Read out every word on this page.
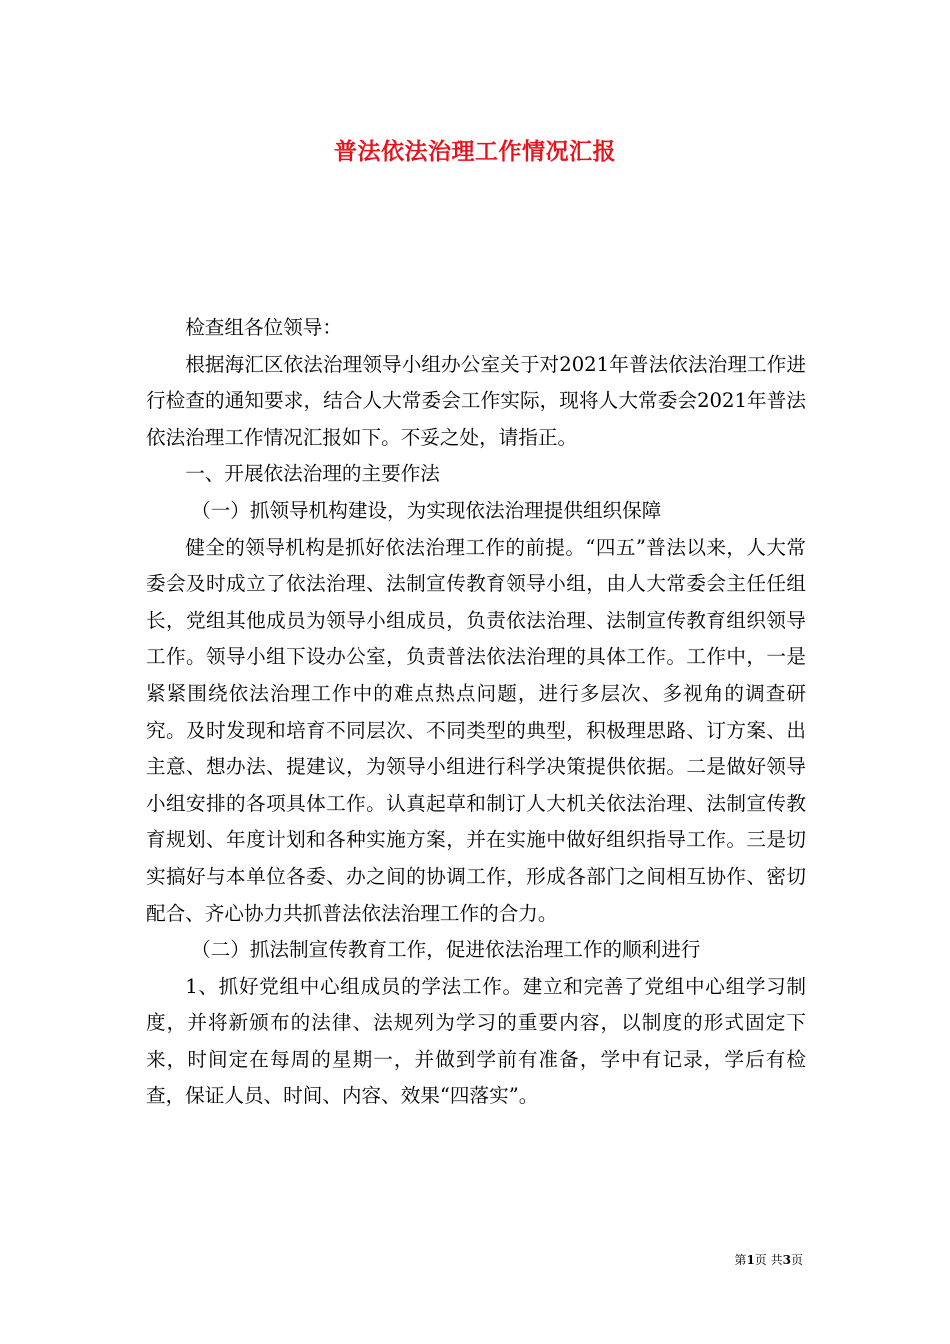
普法依法治理工作情况汇报

检查组各位领导：

根据海汇区依法治理领导小组办公室关于对2021年普法依法治理工作进行检查的通知要求，结合人大常委会工作实际，现将人大常委会2021年普法依法治理工作情况汇报如下。不妥之处，请指正。

一、开展依法治理的主要作法

（一）抓领导机构建设，为实现依法治理提供组织保障

健全的领导机构是抓好依法治理工作的前提。“四五”普法以来，人大常委会及时成立了依法治理、法制宣传教育领导小组，由人大常委会主任任组长，党组其他成员为领导小组成员，负责依法治理、法制宣传教育组织领导工作。领导小组下设办公室，负责普法依法治理的具体工作。工作中，一是紧紧围绕依法治理工作中的难点热点问题，进行多层次、多视角的调查研究。及时发现和培育不同层次、不同类型的典型，积极理思路、订方案、出主意、想办法、提建议，为领导小组进行科学决策提供依据。二是做好领导小组安排的各项具体工作。认真起草和制订人大机关依法治理、法制宣传教育规划、年度计划和各种实施方案，并在实施中做好组织指导工作。三是切实搞好与本单位各委、办之间的协调工作，形成各部门之间相互协作、密切配合、齐心协力共抓普法依法治理工作的合力。

（二）抓法制宣传教育工作，促进依法治理工作的顺利进行

1、抓好党组中心组成员的学法工作。建立和完善了党组中心组学习制度，并将新颁布的法律、法规列为学习的重要内容，以制度的形式固定下来，时间定在每周的星期一，并做到学前有准备，学中有记录，学后有检查，保证人员、时间、内容、效果“四落实”。

第1页 共3页
